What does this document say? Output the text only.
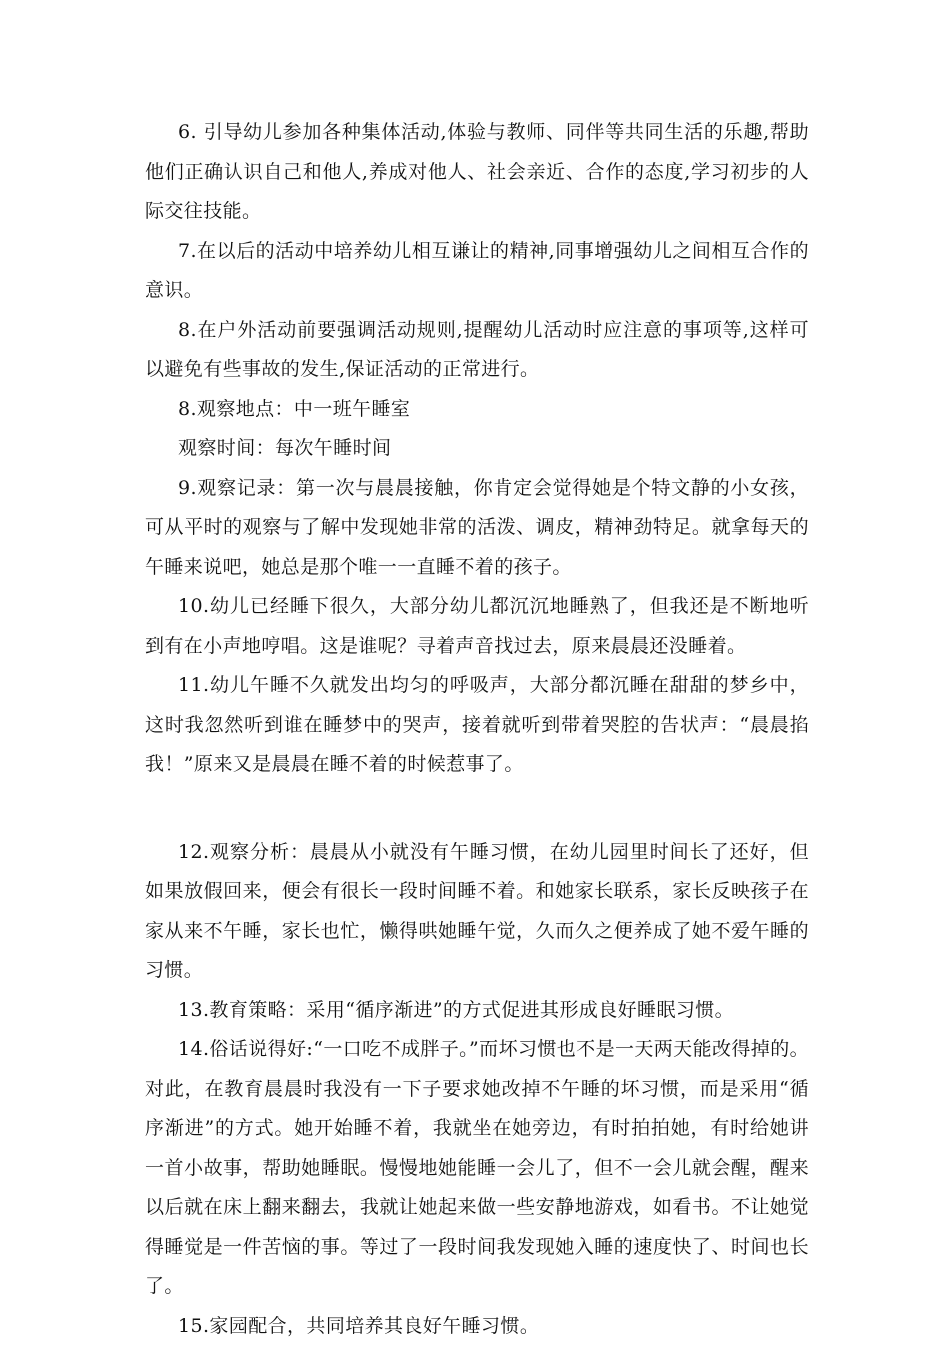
6. 引导幼儿参加各种集体活动,体验与教师、同伴等共同生活的乐趣,帮助他们正确认识自己和他人,养成对他人、社会亲近、合作的态度,学习初步的人际交往技能。

7.在以后的活动中培养幼儿相互谦让的精神,同事增强幼儿之间相互合作的意识。

8.在户外活动前要强调活动规则,提醒幼儿活动时应注意的事项等,这样可以避免有些事故的发生,保证活动的正常进行。

8.观察地点：中一班午睡室

观察时间：每次午睡时间

9.观察记录：第一次与晨晨接触，你肯定会觉得她是个特文静的小女孩，可从平时的观察与了解中发现她非常的活泼、调皮，精神劲特足。就拿每天的午睡来说吧，她总是那个唯一一直睡不着的孩子。

10.幼儿已经睡下很久，大部分幼儿都沉沉地睡熟了，但我还是不断地听到有在小声地哼唱。这是谁呢？寻着声音找过去，原来晨晨还没睡着。

11.幼儿午睡不久就发出均匀的呼吸声，大部分都沉睡在甜甜的梦乡中，这时我忽然听到谁在睡梦中的哭声，接着就听到带着哭腔的告状声：“晨晨掐我！”原来又是晨晨在睡不着的时候惹事了。

12.观察分析：晨晨从小就没有午睡习惯，在幼儿园里时间长了还好，但如果放假回来，便会有很长一段时间睡不着。和她家长联系，家长反映孩子在家从来不午睡，家长也忙，懒得哄她睡午觉，久而久之便养成了她不爱午睡的习惯。

13.教育策略：采用“循序渐进”的方式促进其形成良好睡眠习惯。

14.俗话说得好:“一口吃不成胖子。”而坏习惯也不是一天两天能改得掉的。对此，在教育晨晨时我没有一下子要求她改掉不午睡的坏习惯，而是采用“循序渐进”的方式。她开始睡不着，我就坐在她旁边，有时拍拍她，有时给她讲一首小故事，帮助她睡眠。慢慢地她能睡一会儿了，但不一会儿就会醒，醒来以后就在床上翻来翻去，我就让她起来做一些安静地游戏，如看书。不让她觉得睡觉是一件苦恼的事。等过了一段时间我发现她入睡的速度快了、时间也长了。

15.家园配合，共同培养其良好午睡习惯。
